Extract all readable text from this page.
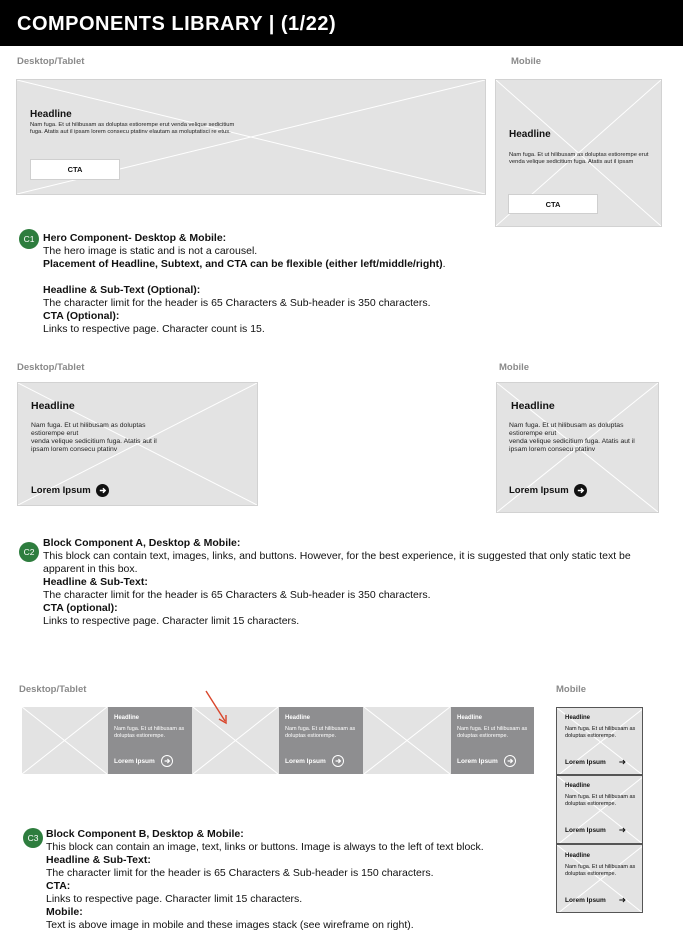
COMPONENTS LIBRARY | (1/22)
Desktop/Tablet	Mobile
Headline
Nam fuga. Et ut hilibusam as doluptas estiorempe erut venda velique sedicitium fuga. Atatis aut il ipsam lorem consecu ptatinv elautam as moluptatisci re etus.
CTA
Headline
Nam fuga. Et ut hilibusam as doluptas estiorempe erut venda velique sedicitium fuga. Atatis aut il ipsam
CTA
C1 Hero Component- Desktop & Mobile:
The hero image is static and is not a carousel.
Placement of Headline, Subtext, and CTA can be flexible (either left/middle/right).
Headline & Sub-Text (Optional):
The character limit for the header is 65 Characters & Sub-header is 350 characters.
CTA (Optional):
Links to respective page. Character count is 15.
Desktop/Tablet	Mobile
Headline
Nam fuga. Et ut hilibusam as doluptas
estiorempe erut
venda velique sedicitium fuga. Atatis aut il
ipsam lorem consecu ptatinv
Lorem Ipsum
Headline
Nam fuga. Et ut hilibusam as doluptas
estiorempe erut
venda velique sedicitium fuga. Atatis aut il
ipsam lorem consecu ptatinv
Lorem Ipsum
C2
Block Component A, Desktop & Mobile:
This block can contain text, images, links, and buttons. However, for the best experience, it is suggested that only static text be apparent in this box.
Headline & Sub-Text:
The character limit for the header is 65 Characters & Sub-header is 350 characters.
CTA (optional):
Links to respective page. Character limit 15 characters.
Desktop/Tablet	Mobile
Headline
Nam fuga. Et ut hilibusam as doluptas estiorempe.
Lorem Ipsum
Headline
Nam fuga. Et ut hilibusam as doluptas estiorempe.
Lorem Ipsum
Headline
Nam fuga. Et ut hilibusam as doluptas estiorempe.
Lorem Ipsum
Headline
Nam fuga. Et ut hilibusam as doluptas estiorempe.
Lorem Ipsum
Headline
Nam fuga. Et ut hilibusam as doluptas estiorempe.
Lorem Ipsum
Headline
Nam fuga. Et ut hilibusam as doluptas estiorempe.
Lorem Ipsum
C3 Block Component B, Desktop & Mobile:
This block can contain an image, text, links or buttons. Image is always to the left of text block.
Headline & Sub-Text:
The character limit for the header is 65 Characters & Sub-header is 150 characters.
CTA:
Links to respective page. Character limit 15 characters.
Mobile:
Text is above image in mobile and these images stack (see wireframe on right).
